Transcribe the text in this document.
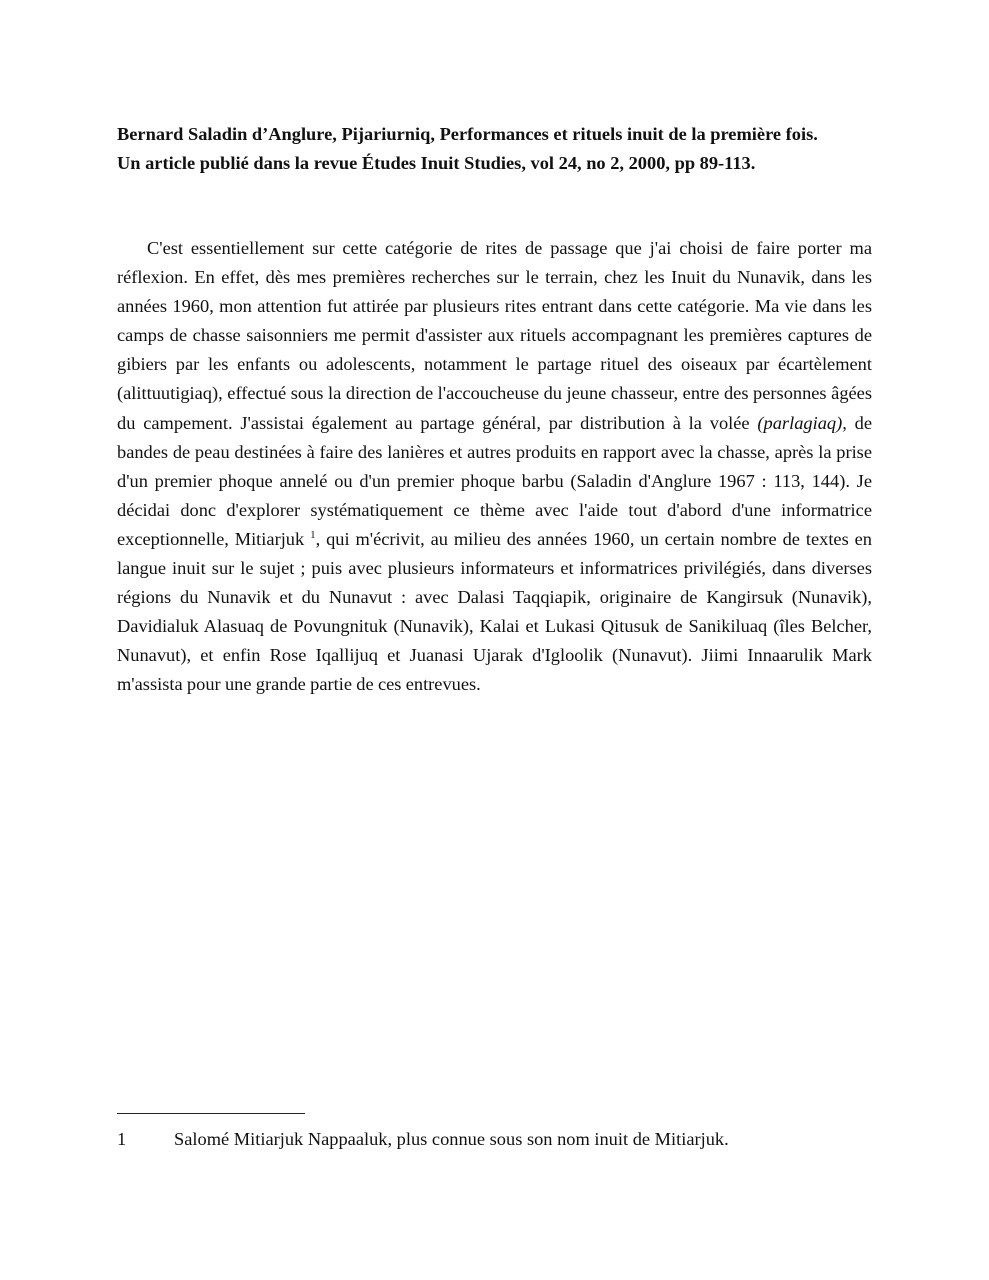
Bernard Saladin d’Anglure, Pijariurniq, Performances et rituels inuit de la première fois.
Un article publié dans la revue Études Inuit Studies, vol 24, no 2, 2000, pp 89-113.

C'est essentiellement sur cette catégorie de rites de passage que j'ai choisi de faire porter ma réflexion. En effet, dès mes premières recherches sur le terrain, chez les Inuit du Nunavik, dans les années 1960, mon attention fut attirée par plusieurs rites entrant dans cette catégorie. Ma vie dans les camps de chasse saisonniers me permit d'assister aux rituels accompagnant les premières captures de gibiers par les enfants ou adolescents, notamment le partage rituel des oiseaux par écartèlement (alittuutigiaq), effectué sous la direction de l'accoucheuse du jeune chasseur, entre des personnes âgées du campement. J'assistai également au partage général, par distribution à la volée (parlagiaq), de bandes de peau destinées à faire des lanières et autres produits en rapport avec la chasse, après la prise d'un premier phoque annelé ou d'un premier phoque barbu (Saladin d'Anglure 1967 : 113, 144). Je décidai donc d'explorer systématiquement ce thème avec l'aide tout d'abord d'une informatrice exceptionnelle, Mitiarjuk $^1$, qui m'écrivit, au milieu des années 1960, un certain nombre de textes en langue inuit sur le sujet ; puis avec plusieurs informateurs et informatrices privilégiés, dans diverses régions du Nunavik et du Nunavut : avec Dalasi Taqqiapik, originaire de Kangirsuk (Nunavik), Davidialuk Alasuaq de Povungnituk (Nunavik), Kalai et Lukasi Qitusuk de Sanikiluaq (îles Belcher, Nunavut), et enfin Rose Iqallijuq et Juanasi Ujarak d'Igloolik (Nunavut). Jiimi Innaarulik Mark m'assista pour une grande partie de ces entrevues.

1	Salomé Mitiarjuk Nappaaluk, plus connue sous son nom inuit de Mitiarjuk.
